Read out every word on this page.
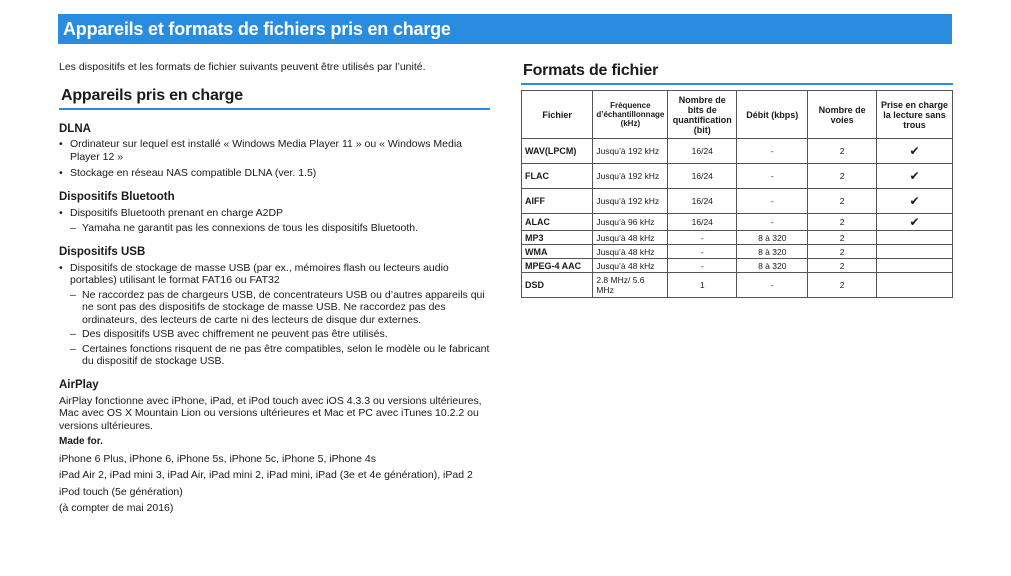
Appareils et formats de fichiers pris en charge

Les dispositifs et les formats de fichier suivants peuvent être utilisés par l’unité.

Appareils pris en charge
DLNA

• Ordinateur sur lequel est installé « Windows Media Player 11 » ou « Windows Media Player 12 »

• Stockage en réseau NAS compatible DLNA (ver. 1.5)

Dispositifs Bluetooth

• Dispositifs Bluetooth prenant en charge A2DP

– Yamaha ne garantit pas les connexions de tous les dispositifs Bluetooth.

Dispositifs USB

• Dispositifs de stockage de masse USB (par ex., mémoires flash ou lecteurs audio portables) utilisant le format FAT16 ou FAT32

– Ne raccordez pas de chargeurs USB, de concentrateurs USB ou d’autres appareils qui ne sont pas des dispositifs de stockage de masse USB. Ne raccordez pas des ordinateurs, des lecteurs de carte ni des lecteurs de disque dur externes.

– Des dispositifs USB avec chiffrement ne peuvent pas être utilisés.

– Certaines fonctions risquent de ne pas être compatibles, selon le modèle ou le fabricant du dispositif de stockage USB.

AirPlay

AirPlay fonctionne avec iPhone, iPad, et iPod touch avec iOS 4.3.3 ou versions ultérieures, Mac avec OS X Mountain Lion ou versions ultérieures et Mac et PC avec iTunes 10.2.2 ou versions ultérieures.

Made for.

iPhone 6 Plus, iPhone 6, iPhone 5s, iPhone 5c, iPhone 5, iPhone 4s

iPad Air 2, iPad mini 3, iPad Air, iPad mini 2, iPad mini, iPad (3e et 4e génération), iPad 2

iPod touch (5e génération)

(à compter de mai 2016)

Formats de fichier
Fichier	Fréquence d’échantillonnage (kHz)	Nombre de bits de quantification (bit)	Débit (kbps)	Nombre de voies	Prise en charge la lecture sans trous
WAV(LPCM)	Jusqu’à 192 kHz	16/24	-	2	✔
FLAC	Jusqu’à 192 kHz	16/24	-	2	✔
AIFF	Jusqu’à 192 kHz	16/24	-	2	✔
ALAC	Jusqu’à 96 kHz	16/24	-	2	✔
MP3	Jusqu’à 48 kHz	-	8 à 320	2	
WMA	Jusqu’à 48 kHz	-	8 à 320	2	
MPEG-4 AAC	Jusqu’à 48 kHz	-	8 à 320	2	
DSD	2.8 MHz/ 5.6 MHz	1	-	2	
